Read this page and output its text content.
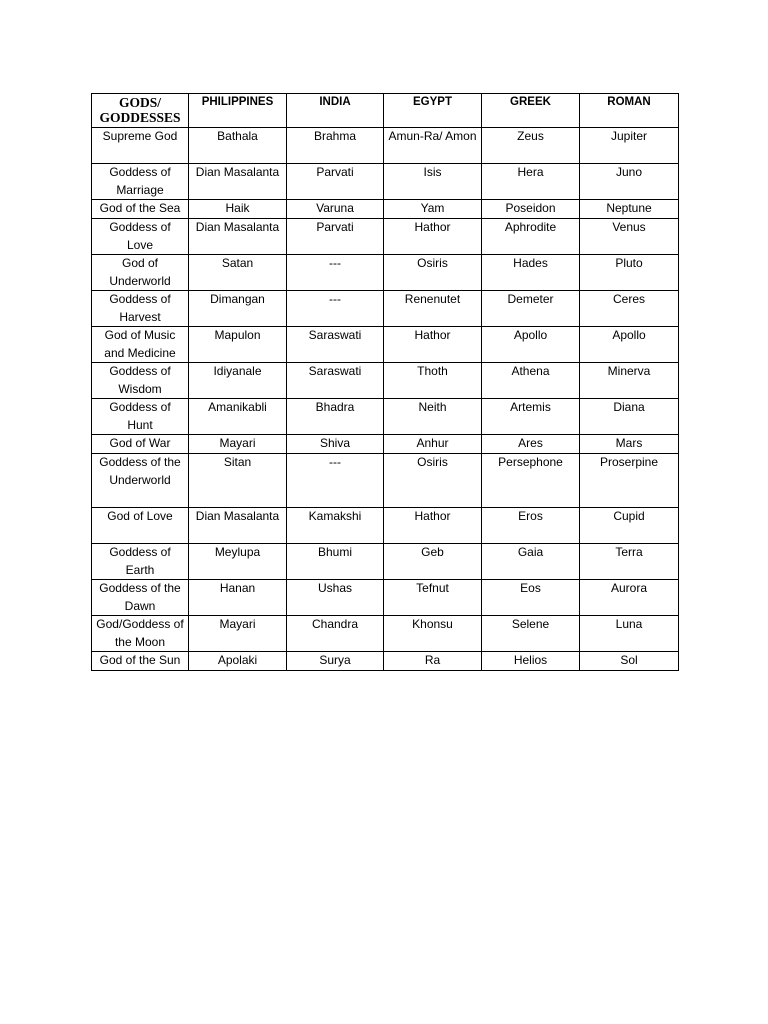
GODS/ GODDESSES	PHILIPPINES	INDIA	EGYPT	GREEK	ROMAN
Supreme God	Bathala	Brahma	Amun-Ra/ Amon	Zeus	Jupiter
Goddess of Marriage	Dian Masalanta	Parvati	Isis	Hera	Juno
God of the Sea	Haik	Varuna	Yam	Poseidon	Neptune
Goddess of Love	Dian Masalanta	Parvati	Hathor	Aphrodite	Venus
God of Underworld	Satan	---	Osiris	Hades	Pluto
Goddess of Harvest	Dimangan	---	Renenutet	Demeter	Ceres
God of Music and Medicine	Mapulon	Saraswati	Hathor	Apollo	Apollo
Goddess of Wisdom	Idiyanale	Saraswati	Thoth	Athena	Minerva
Goddess of Hunt	Amanikabli	Bhadra	Neith	Artemis	Diana
God of War	Mayari	Shiva	Anhur	Ares	Mars
Goddess of the Underworld	Sitan	---	Osiris	Persephone	Proserpine
God of Love	Dian Masalanta	Kamakshi	Hathor	Eros	Cupid
Goddess of Earth	Meylupa	Bhumi	Geb	Gaia	Terra
Goddess of the Dawn	Hanan	Ushas	Tefnut	Eos	Aurora
God/Goddess of the Moon	Mayari	Chandra	Khonsu	Selene	Luna
God of the Sun	Apolaki	Surya	Ra	Helios	Sol
